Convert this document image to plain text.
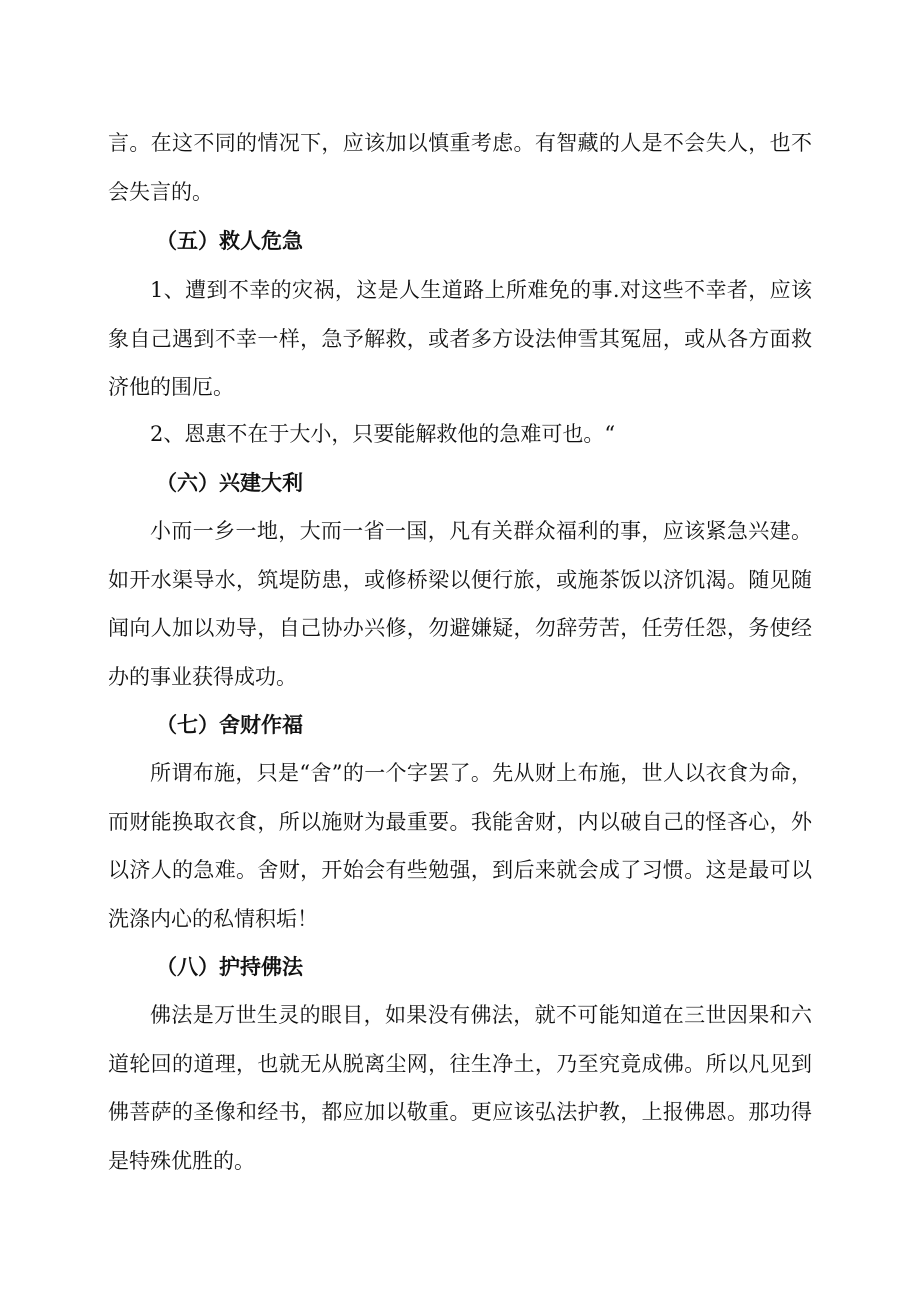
言。在这不同的情况下，应该加以慎重考虑。有智藏的人是不会失人，也不会失言的。

（五）救人危急

1、遭到不幸的灾祸，这是人生道路上所难免的事.对这些不幸者，应该象自己遇到不幸一样，急予解救，或者多方设法伸雪其冤屈，或从各方面救济他的围厄。

2、恩惠不在于大小，只要能解救他的急难可也。“

（六）兴建大利

小而一乡一地，大而一省一国，凡有关群众福利的事，应该紧急兴建。如开水渠导水，筑堤防患，或修桥梁以便行旅，或施茶饭以济饥渴。随见随闻向人加以劝导，自己协办兴修，勿避嫌疑，勿辞劳苦，任劳任怨，务使经办的事业获得成功。

（七）舍财作福

所谓布施，只是“舍”的一个字罢了。先从财上布施，世人以衣食为命，而财能换取衣食，所以施财为最重要。我能舍财，内以破自己的怪吝心，外以济人的急难。舍财，开始会有些勉强，到后来就会成了习惯。这是最可以洗涤内心的私情积垢！

（八）护持佛法

佛法是万世生灵的眼目，如果没有佛法，就不可能知道在三世因果和六道轮回的道理，也就无从脱离尘网，往生净土，乃至究竟成佛。所以凡见到佛菩萨的圣像和经书，都应加以敬重。更应该弘法护教，上报佛恩。那功得是特殊优胜的。
